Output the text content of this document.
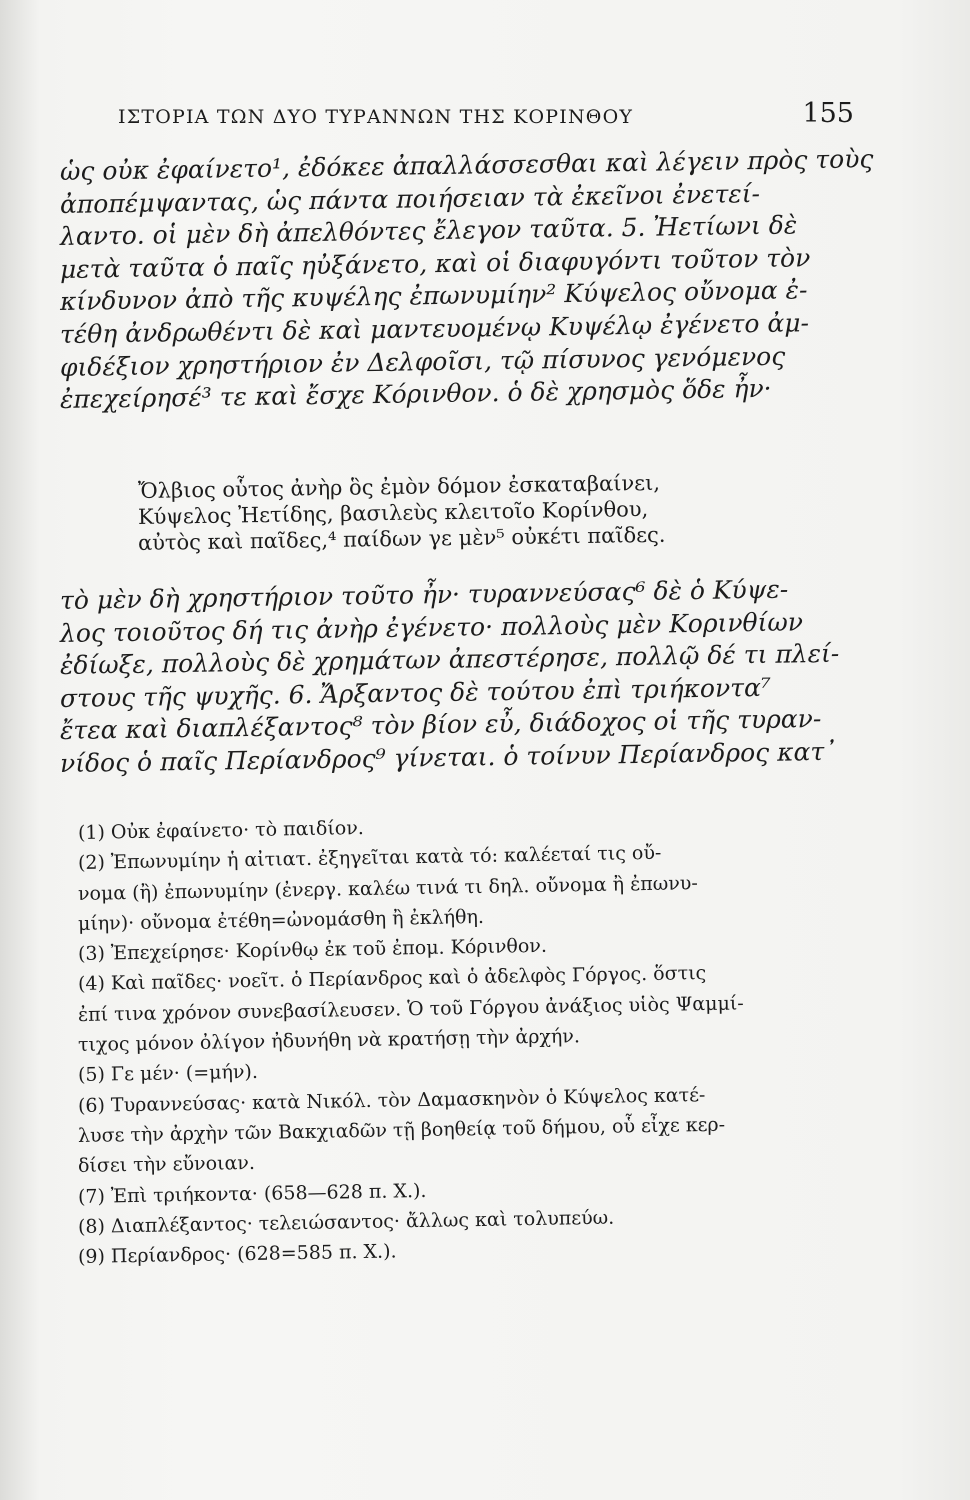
ΙΣΤΟΡΙΑ ΤΩΝ ΔΥΟ ΤΥΡΑΝΝΩΝ ΤΗΣ ΚΟΡΙΝΘΟΥ	155
ὡς οὐκ ἐφαίνετο¹, ἐδόκεε ἀπαλλάσσεσθαι καὶ λέγειν πρὸς τοὺς
ἀποπέμψαντας, ὡς πάντα ποιήσειαν τὰ ἐκεῖνοι ἐνετεί-
λαντο. οἱ μὲν δὴ ἀπελθόντες ἔλεγον ταῦτα. 5. Ἠετίωνι δὲ
μετὰ ταῦτα ὁ παῖς ηὐξάνετο, καὶ οἱ διαφυγόντι τοῦτον τὸν
κίνδυνον ἀπὸ τῆς κυψέλης ἐπωνυμίην² Κύψελος οὔνομα ἐ-
τέθη ἀνδρωθέντι δὲ καὶ μαντευομένῳ Κυψέλῳ ἐγένετο ἀμ-
φιδέξιον χρηστήριον ἐν Δελφοῖσι, τῷ πίσυνος γενόμενος
ἐπεχείρησέ³ τε καὶ ἔσχε Κόρινθον. ὁ δὲ χρησμὸς ὅδε ἦν·
Ὄλβιος οὗτος ἀνὴρ ὃς ἐμὸν δόμον ἐσκαταβαίνει,
Κύψελος Ἠετίδης, βασιλεὺς κλειτοῖο Κορίνθου,
αὐτὸς καὶ παῖδες,⁴ παίδων γε μὲν⁵ οὐκέτι παῖδες.
τὸ μὲν δὴ χρηστήριον τοῦτο ἦν· τυραννεύσας⁶ δὲ ὁ Κύψε-
λος τοιοῦτος δή τις ἀνὴρ ἐγένετο· πολλοὺς μὲν Κορινθίων
ἐδίωξε, πολλοὺς δὲ χρημάτων ἀπεστέρησε, πολλῷ δέ τι πλεί-
στους τῆς ψυχῆς. 6. Ἄρξαντος δὲ τούτου ἐπὶ τριήκοντα⁷
ἔτεα καὶ διαπλέξαντος⁸ τὸν βίον εὖ, διάδοχος οἱ τῆς τυραν-
νίδος ὁ παῖς Περίανδρος⁹ γίνεται. ὁ τοίνυν Περίανδρος κατ᾽
(1) Οὐκ ἐφαίνετο· τὸ παιδίον.
(2) Ἐπωνυμίην ἡ αἰτιατ. ἐξηγεῖται κατὰ τό: καλέεταί τις οὔ-
νομα (ἢ) ἐπωνυμίην (ἐνεργ. καλέω τινά τι δηλ. οὔνομα ἢ ἐπωνυ-
μίην)· οὔνομα ἐτέθη=ὠνομάσθη ἢ ἐκλήθη.
(3) Ἐπεχείρησε· Κορίνθῳ ἐκ τοῦ ἐπομ. Κόρινθον.
(4) Καὶ παῖδες· νοεῖτ. ὁ Περίανδρος καὶ ὁ ἀδελφὸς Γόργος. ὅστις
ἐπί τινα χρόνον συνεβασίλευσεν. Ὁ τοῦ Γόργου ἀνάξιος υἱὸς Ψαμμί-
τιχος μόνον ὀλίγον ἠδυνήθη νὰ κρατήσῃ τὴν ἀρχήν.
(5) Γε μέν· (=μήν).
(6) Τυραννεύσας· κατὰ Νικόλ. τὸν Δαμασκηνὸν ὁ Κύψελος κατέ-
λυσε τὴν ἀρχὴν τῶν Βακχιαδῶν τῇ βοηθείᾳ τοῦ δήμου, οὗ εἶχε κερ-
δίσει τὴν εὔνοιαν.
(7) Ἐπὶ τριήκοντα· (658—628 π. Χ.).
(8) Διαπλέξαντος· τελειώσαντος· ἄλλως καὶ τολυπεύω.
(9) Περίανδρος· (628=585 π. Χ.).
